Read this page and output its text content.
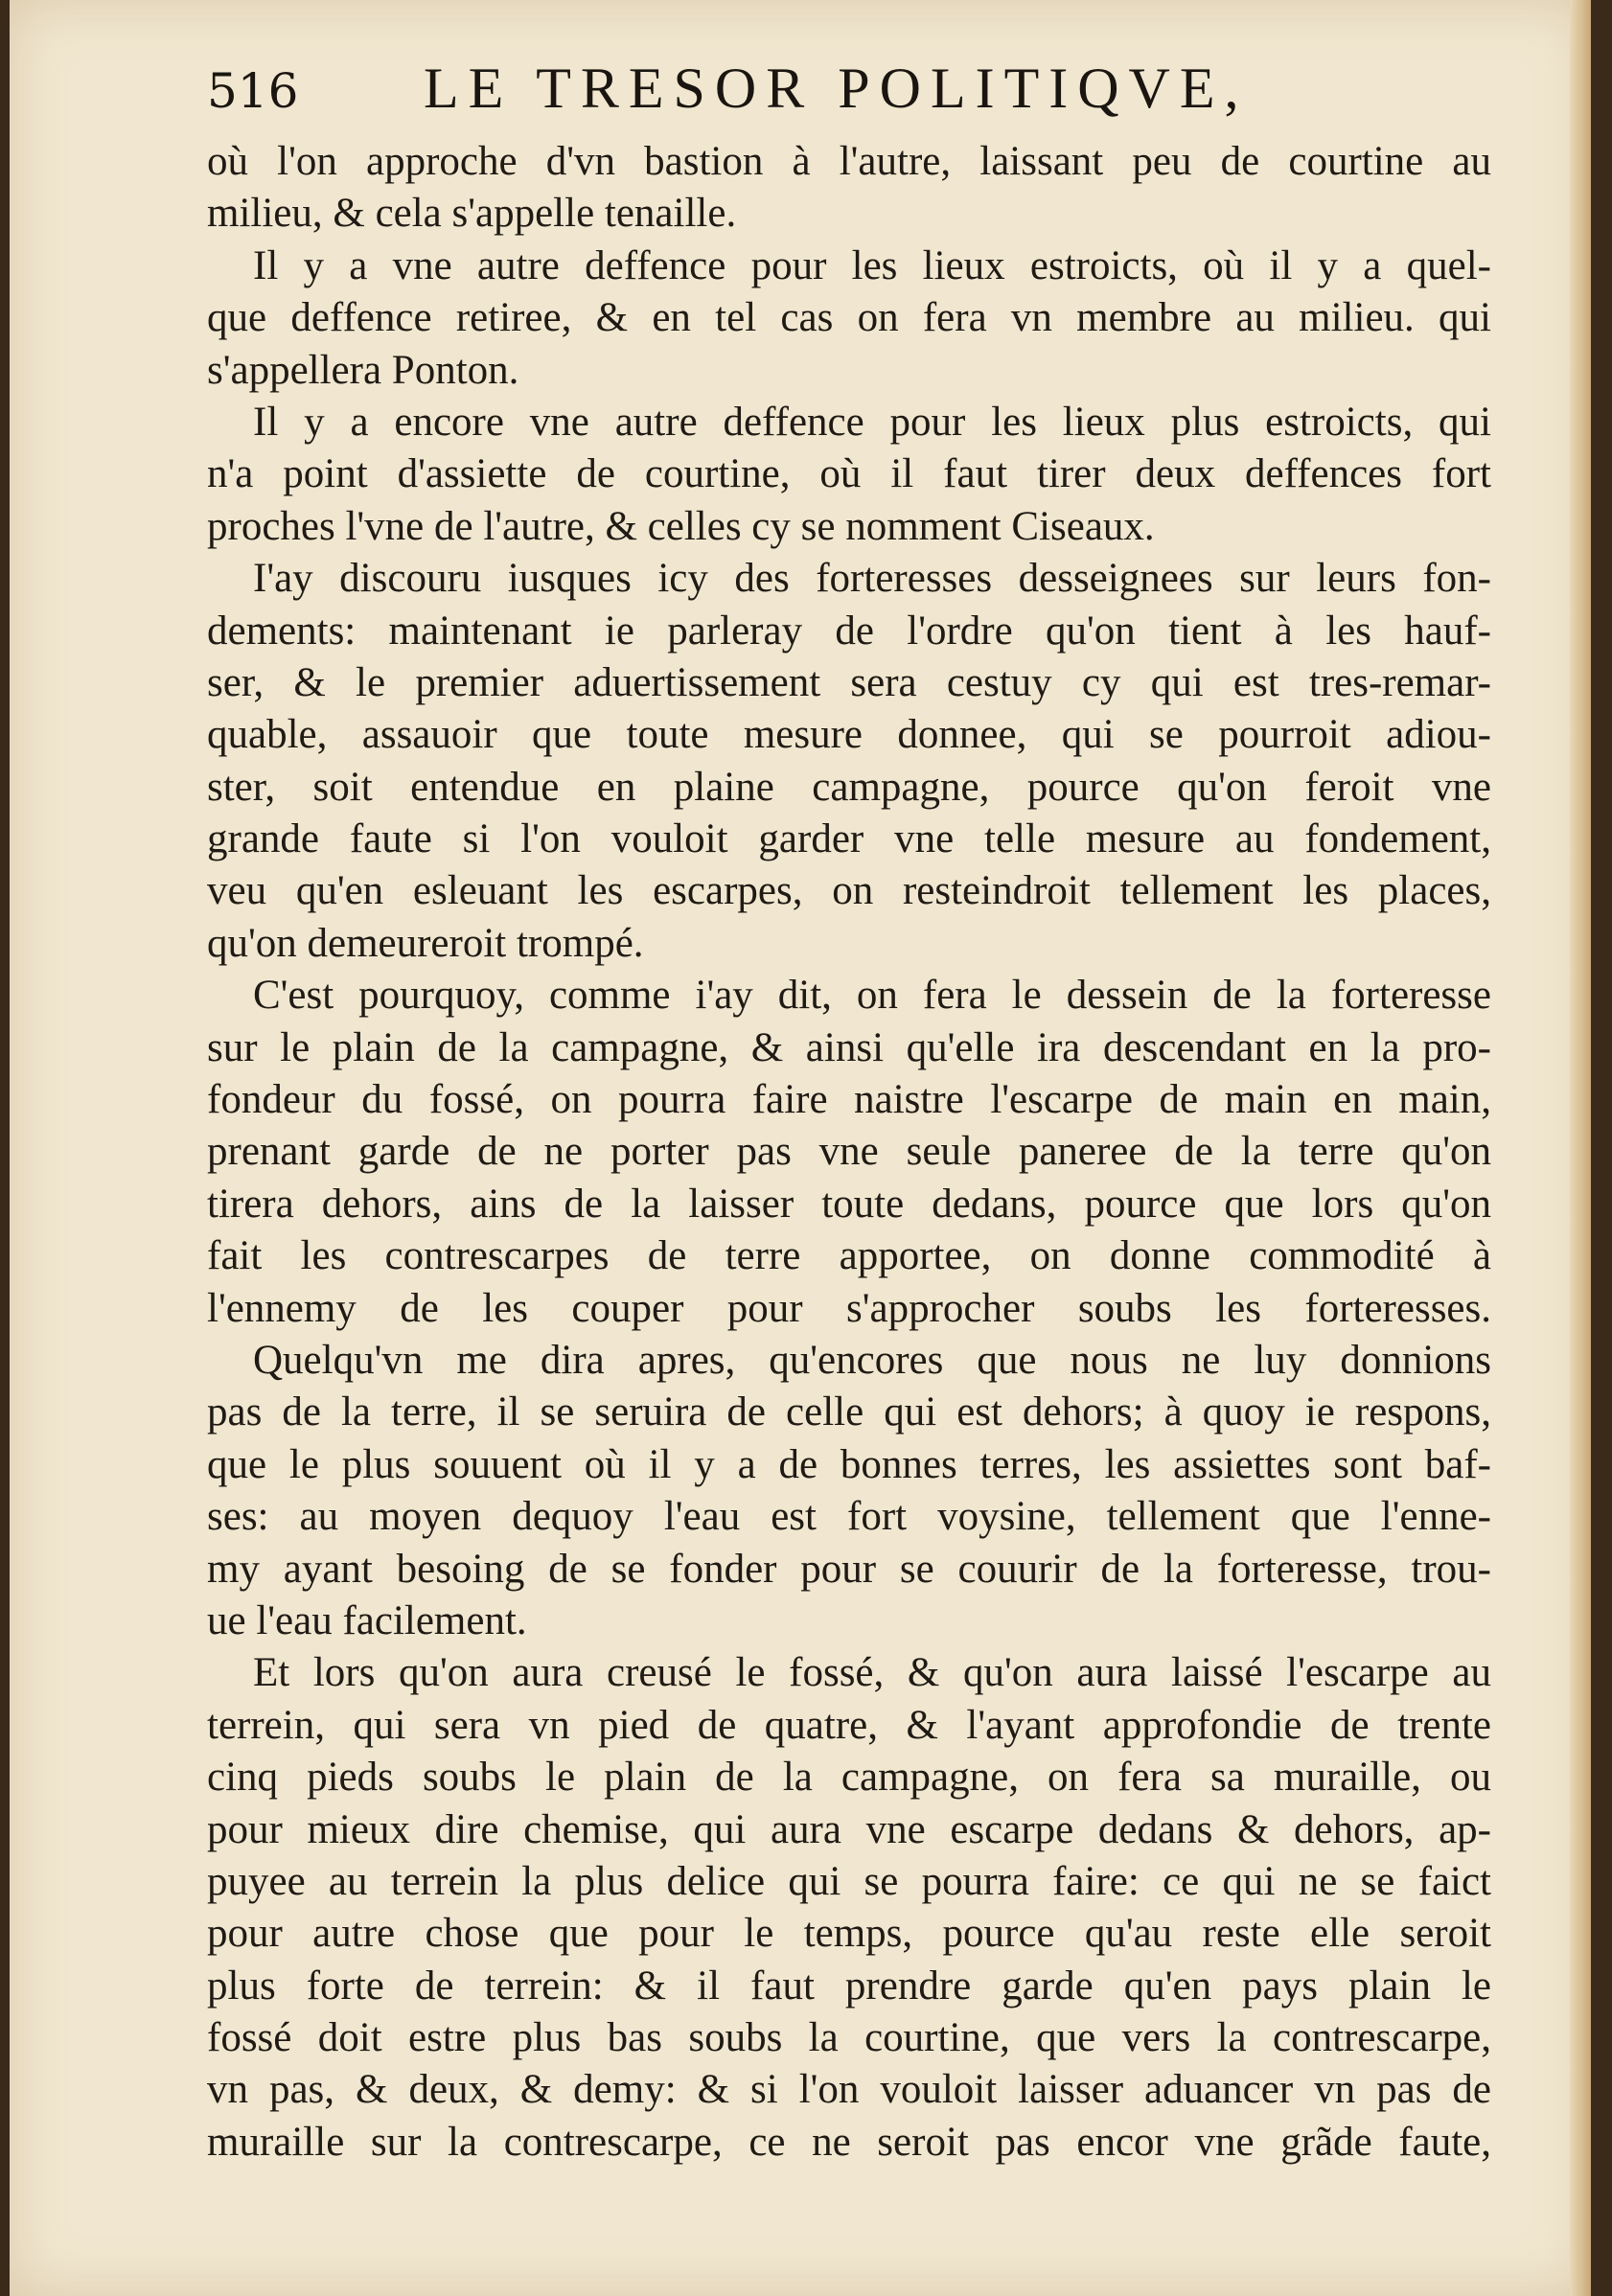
516 LE TRESOR POLITIQVE,
où l'on approche d'vn bastion à l'autre, laissant peu de courtine au
milieu, & cela s'appelle tenaille.
Il y a vne autre deffence pour les lieux estroicts, où il y a quel-
que deffence retiree, & en tel cas on fera vn membre au milieu. qui
s'appellera Ponton.
Il y a encore vne autre deffence pour les lieux plus estroicts, qui
n'a point d'assiette de courtine, où il faut tirer deux deffences fort
proches l'vne de l'autre, & celles cy se nomment Ciseaux.
I'ay discouru iusques icy des forteresses desseignees sur leurs fon-
dements: maintenant ie parleray de l'ordre qu'on tient à les hauf-
ser, & le premier aduertissement sera cestuy cy qui est tres-remar-
quable, assauoir que toute mesure donnee, qui se pourroit adiou-
ster, soit entendue en plaine campagne, pource qu'on feroit vne
grande faute si l'on vouloit garder vne telle mesure au fondement,
veu qu'en esleuant les escarpes, on resteindroit tellement les places,
qu'on demeureroit trompé.
C'est pourquoy, comme i'ay dit, on fera le dessein de la forteresse
sur le plain de la campagne, & ainsi qu'elle ira descendant en la pro-
fondeur du fossé, on pourra faire naistre l'escarpe de main en main,
prenant garde de ne porter pas vne seule paneree de la terre qu'on
tirera dehors, ains de la laisser toute dedans, pource que lors qu'on
fait les contrescarpes de terre apportee, on donne commodité à
l'ennemy de les couper pour s'approcher soubs les forteresses.
Quelqu'vn me dira apres, qu'encores que nous ne luy donnions
pas de la terre, il se seruira de celle qui est dehors; à quoy ie respons,
que le plus souuent où il y a de bonnes terres, les assiettes sont baf-
ses: au moyen dequoy l'eau est fort voysine, tellement que l'enne-
my ayant besoing de se fonder pour se couurir de la forteresse, trou-
ue l'eau facilement.
Et lors qu'on aura creusé le fossé, & qu'on aura laissé l'escarpe au
terrein, qui sera vn pied de quatre, & l'ayant approfondie de trente
cinq pieds soubs le plain de la campagne, on fera sa muraille, ou
pour mieux dire chemise, qui aura vne escarpe dedans & dehors, ap-
puyee au terrein la plus delice qui se pourra faire: ce qui ne se faict
pour autre chose que pour le temps, pource qu'au reste elle seroit
plus forte de terrein: & il faut prendre garde qu'en pays plain le
fossé doit estre plus bas soubs la courtine, que vers la contrescarpe,
vn pas, & deux, & demy: & si l'on vouloit laisser aduancer vn pas de
muraille sur la contrescarpe, ce ne seroit pas encor vne grãde faute,
